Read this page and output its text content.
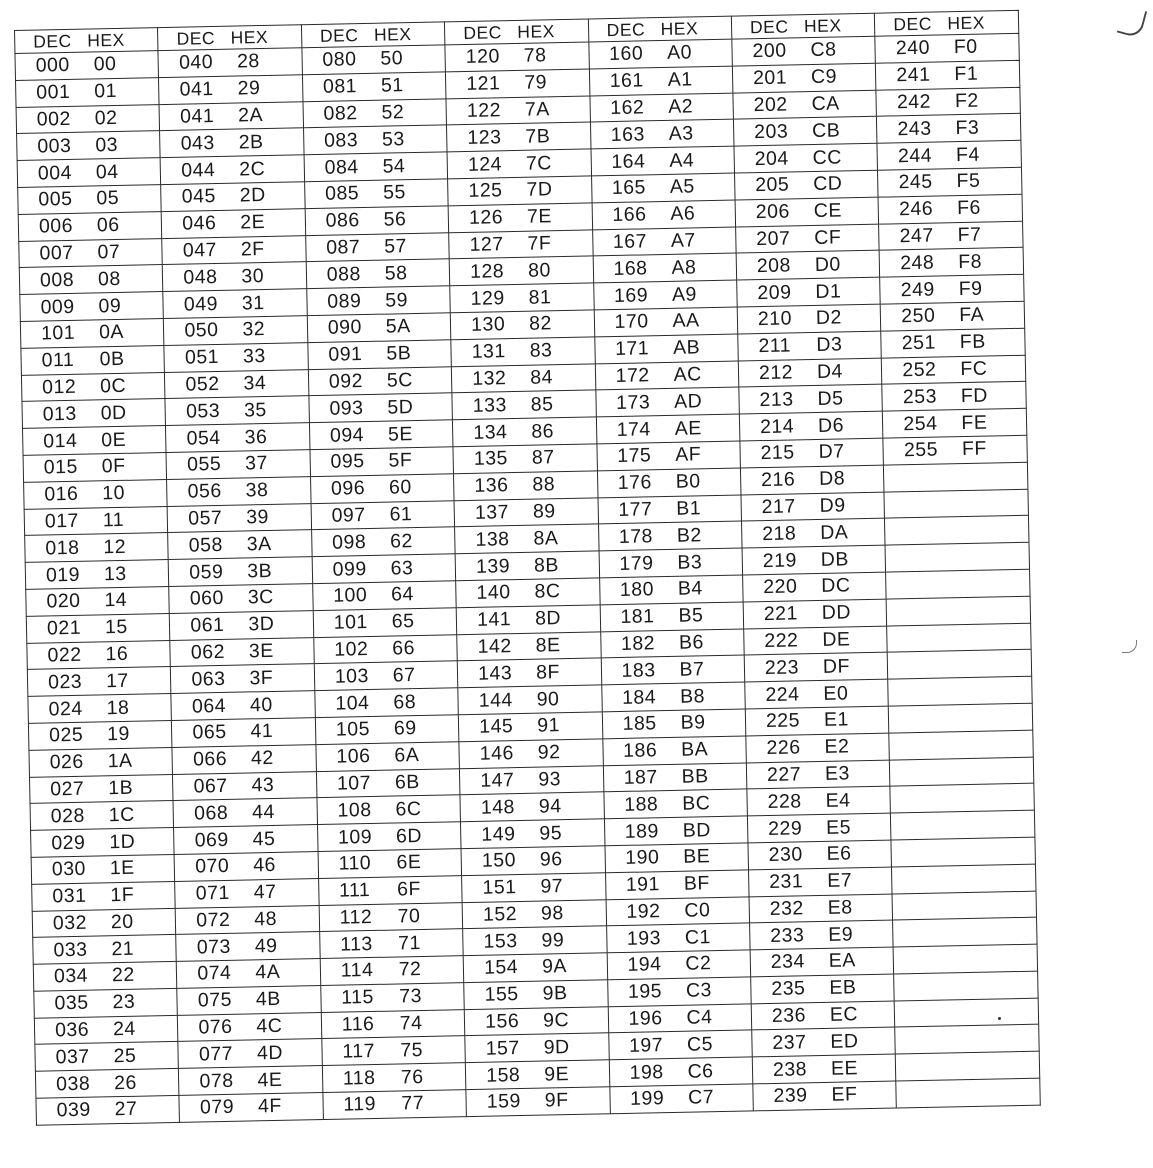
DEC HEX	DEC HEX	DEC HEX	DEC HEX	DEC HEX	DEC HEX	DEC HEX
000 00	040 28	080 50	120 78	160 A0	200 C8	240 F0
001 01	041 29	081 51	121 79	161 A1	201 C9	241 F1
002 02	041 2A	082 52	122 7A	162 A2	202 CA	242 F2
003 03	043 2B	083 53	123 7B	163 A3	203 CB	243 F3
004 04	044 2C	084 54	124 7C	164 A4	204 CC	244 F4
005 05	045 2D	085 55	125 7D	165 A5	205 CD	245 F5
006 06	046 2E	086 56	126 7E	166 A6	206 CE	246 F6
007 07	047 2F	087 57	127 7F	167 A7	207 CF	247 F7
008 08	048 30	088 58	128 80	168 A8	208 D0	248 F8
009 09	049 31	089 59	129 81	169 A9	209 D1	249 F9
101 0A	050 32	090 5A	130 82	170 AA	210 D2	250 FA
011 0B	051 33	091 5B	131 83	171 AB	211 D3	251 FB
012 0C	052 34	092 5C	132 84	172 AC	212 D4	252 FC
013 0D	053 35	093 5D	133 85	173 AD	213 D5	253 FD
014 0E	054 36	094 5E	134 86	174 AE	214 D6	254 FE
015 0F	055 37	095 5F	135 87	175 AF	215 D7	255 FF
016 10	056 38	096 60	136 88	176 B0	216 D8	
017 11	057 39	097 61	137 89	177 B1	217 D9	
018 12	058 3A	098 62	138 8A	178 B2	218 DA	
019 13	059 3B	099 63	139 8B	179 B3	219 DB	
020 14	060 3C	100 64	140 8C	180 B4	220 DC	
021 15	061 3D	101 65	141 8D	181 B5	221 DD	
022 16	062 3E	102 66	142 8E	182 B6	222 DE	
023 17	063 3F	103 67	143 8F	183 B7	223 DF	
024 18	064 40	104 68	144 90	184 B8	224 E0	
025 19	065 41	105 69	145 91	185 B9	225 E1	
026 1A	066 42	106 6A	146 92	186 BA	226 E2	
027 1B	067 43	107 6B	147 93	187 BB	227 E3	
028 1C	068 44	108 6C	148 94	188 BC	228 E4	
029 1D	069 45	109 6D	149 95	189 BD	229 E5	
030 1E	070 46	110 6E	150 96	190 BE	230 E6	
031 1F	071 47	111 6F	151 97	191 BF	231 E7	
032 20	072 48	112 70	152 98	192 C0	232 E8	
033 21	073 49	113 71	153 99	193 C1	233 E9	
034 22	074 4A	114 72	154 9A	194 C2	234 EA	
035 23	075 4B	115 73	155 9B	195 C3	235 EB	
036 24	076 4C	116 74	156 9C	196 C4	236 EC	
037 25	077 4D	117 75	157 9D	197 C5	237 ED	
038 26	078 4E	118 76	158 9E	198 C6	238 EE	
039 27	079 4F	119 77	159 9F	199 C7	239 EF	
